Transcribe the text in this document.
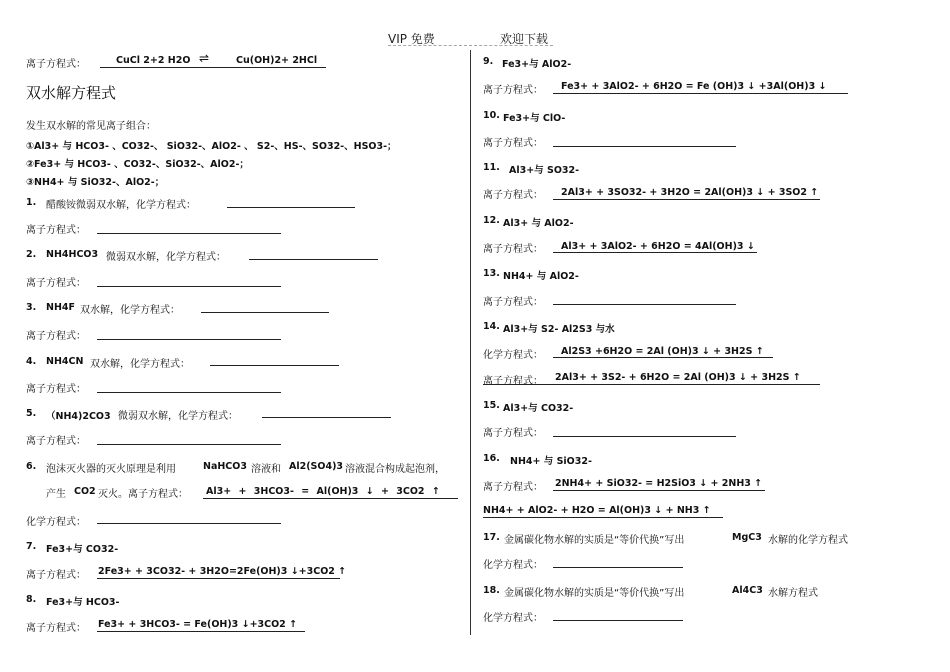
VIP 免费	欢迎下载
离子方程式：	CuCl 2+2 H2O ⇌	Cu(OH)2+ 2HCl
双水解方程式
发生双水解的常见离子组合：
①Al3+ 与 HCO3- 、CO32-、 SiO32-、AlO2- 、 S2-、HS-、SO32-、HSO3-；
②Fe3+ 与 HCO3- 、CO32-、SiO32-、AlO2-；
③NH4+ 与 SiO32-、AlO2-；
1. 醋酸铵微弱双水解，化学方程式：
离子方程式：
2. NH4HCO3 微弱双水解，化学方程式：
离子方程式：
3. NH4F 双水解，化学方程式：
离子方程式：
4. NH4CN 双水解，化学方程式：
离子方程式：
5. （NH4)2CO3 微弱双水解，化学方程式：
离子方程式：
6. 泡沫灭火器的灭火原理是利用	NaHCO3 溶液和 Al2(SO4)3 溶液混合构成起泡剂，
产生 CO2 灭火。离子方程式： Al3+ + 3HCO3- = Al(OH)3 ↓ + 3CO2 ↑
化学方程式：
7. Fe3+与 CO32-
离子方程式： 2Fe3+ + 3CO32- + 3H2O=2Fe(OH)3 ↓+3CO2 ↑
8. Fe3+与 HCO3-
离子方程式： Fe3+ + 3HCO3- = Fe(OH)3 ↓+3CO2 ↑
9. Fe3+与 AlO2-
离子方程式： Fe3+ + 3AlO2- + 6H2O = Fe (OH)3 ↓ +3Al(OH)3 ↓
10. Fe3+与 ClO-
离子方程式：
11. Al3+与 SO32-
离子方程式： 2Al3+ + 3SO32- + 3H2O = 2Al(OH)3 ↓ + 3SO2 ↑
12. Al3+ 与 AlO2-
离子方程式： Al3+ + 3AlO2- + 6H2O = 4Al(OH)3 ↓
13. NH4+ 与 AlO2-
离子方程式：
14. Al3+与 S2- Al2S3 与水
化学方程式： Al2S3 +6H2O = 2Al (OH)3 ↓ + 3H2S ↑
离子方程式： 2Al3+ + 3S2- + 6H2O = 2Al (OH)3 ↓ + 3H2S ↑
15. Al3+与 CO32-
离子方程式：
16. NH4+ 与 SiO32-
离子方程式： 2NH4+ + SiO32- = H2SiO3 ↓ + 2NH3 ↑
NH4+ + AlO2- + H2O = Al(OH)3 ↓ + NH3 ↑
17. 金属碳化物水解的实质是“等价代换”写出	MgC3 水解的化学方程式
化学方程式：
18. 金属碳化物水解的实质是“等价代换”写出	Al4C3 水解方程式
化学方程式：
